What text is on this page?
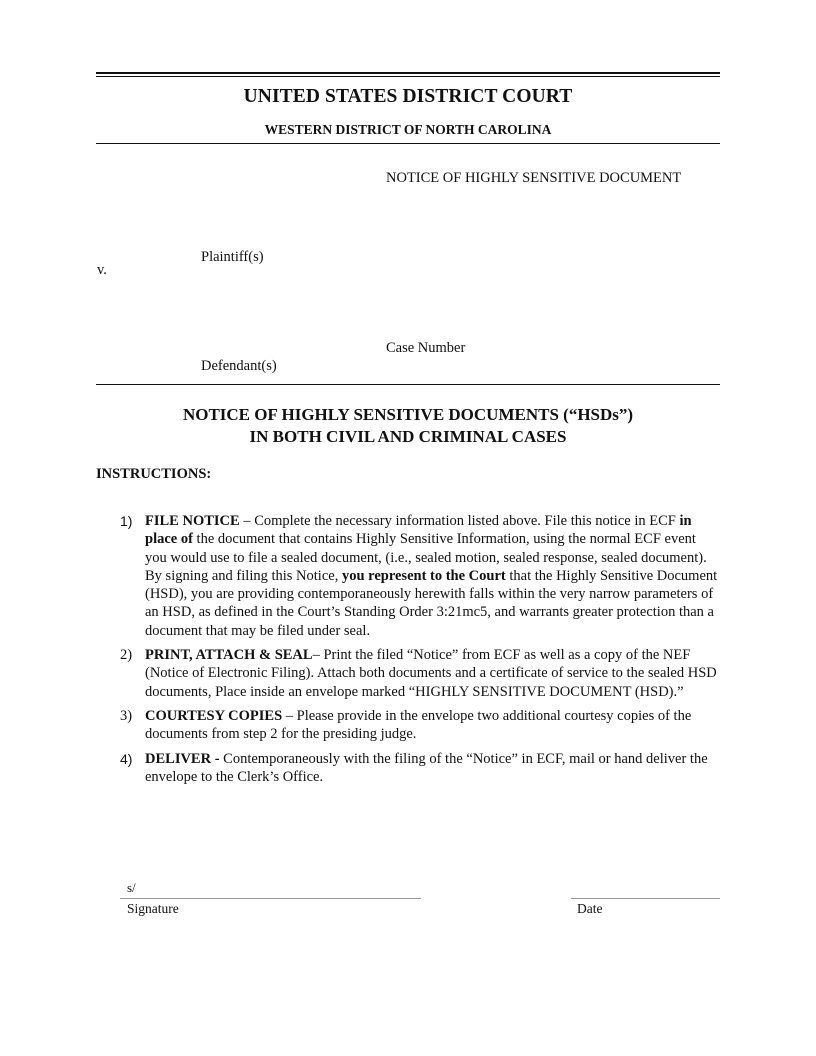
UNITED STATES DISTRICT COURT
WESTERN DISTRICT OF NORTH CAROLINA
NOTICE OF HIGHLY SENSITIVE DOCUMENT
Plaintiff(s)
v.
Case Number
Defendant(s)
NOTICE OF HIGHLY SENSITIVE DOCUMENTS (“HSDs”)
IN BOTH CIVIL AND CRIMINAL CASES
INSTRUCTIONS:
1) FILE NOTICE – Complete the necessary information listed above. File this notice in ECF in place of the document that contains Highly Sensitive Information, using the normal ECF event you would use to file a sealed document, (i.e., sealed motion, sealed response, sealed document). By signing and filing this Notice, you represent to the Court that the Highly Sensitive Document (HSD), you are providing contemporaneously herewith falls within the very narrow parameters of an HSD, as defined in the Court’s Standing Order 3:21mc5, and warrants greater protection than a document that may be filed under seal.
2) PRINT, ATTACH & SEAL– Print the filed “Notice” from ECF as well as a copy of the NEF (Notice of Electronic Filing). Attach both documents and a certificate of service to the sealed HSD documents, Place inside an envelope marked “HIGHLY SENSITIVE DOCUMENT (HSD).”
3) COURTESY COPIES – Please provide in the envelope two additional courtesy copies of the documents from step 2 for the presiding judge.
4) DELIVER - Contemporaneously with the filing of the “Notice” in ECF, mail or hand deliver the envelope to the Clerk’s Office.
s/
Signature	Date
